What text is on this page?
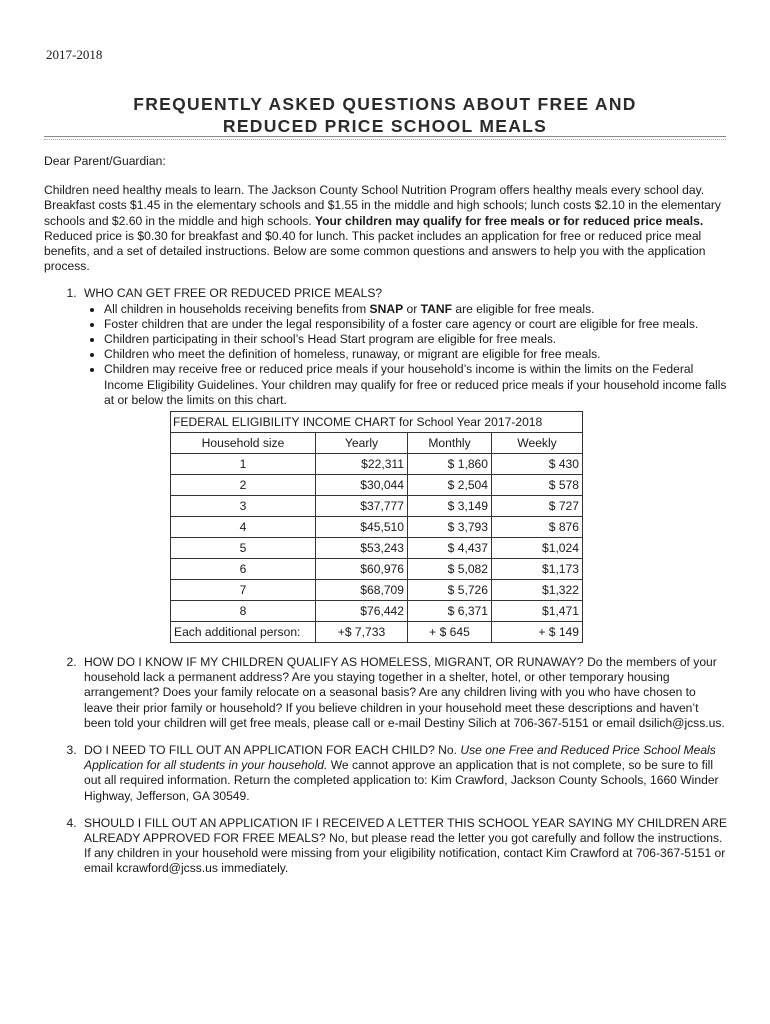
2017-2018
FREQUENTLY ASKED QUESTIONS ABOUT FREE AND
REDUCED PRICE SCHOOL MEALS

Dear Parent/Guardian:

Children need healthy meals to learn. The Jackson County School Nutrition Program offers healthy meals every school day. Breakfast costs $1.45 in the elementary schools and $1.55 in the middle and high schools; lunch costs $2.10 in the elementary schools and $2.60 in the middle and high schools. Your children may qualify for free meals or for reduced price meals. Reduced price is $0.30 for breakfast and $0.40 for lunch. This packet includes an application for free or reduced price meal benefits, and a set of detailed instructions. Below are some common questions and answers to help you with the application process.

1. WHO CAN GET FREE OR REDUCED PRICE MEALS?
• All children in households receiving benefits from SNAP or TANF are eligible for free meals.
• Foster children that are under the legal responsibility of a foster care agency or court are eligible for free meals.
• Children participating in their school’s Head Start program are eligible for free meals.
• Children who meet the definition of homeless, runaway, or migrant are eligible for free meals.
• Children may receive free or reduced price meals if your household’s income is within the limits on the Federal Income Eligibility Guidelines. Your children may qualify for free or reduced price meals if your household income falls at or below the limits on this chart.
FEDERAL ELIGIBILITY INCOME CHART for School Year 2017-2018			
Household size	Yearly	Monthly	Weekly
1	$22,311	$ 1,860	$ 430
2	$30,044	$ 2,504	$ 578
3	$37,777	$ 3,149	$ 727
4	$45,510	$ 3,793	$ 876
5	$53,243	$ 4,437	$1,024
6	$60,976	$ 5,082	$1,173
7	$68,709	$ 5,726	$1,322
8	$76,442	$ 6,371	$1,471
Each additional person:	+$ 7,733	+ $ 645	+ $ 149
2. HOW DO I KNOW IF MY CHILDREN QUALIFY AS HOMELESS, MIGRANT, OR RUNAWAY? Do the members of your household lack a permanent address? Are you staying together in a shelter, hotel, or other temporary housing arrangement? Does your family relocate on a seasonal basis? Are any children living with you who have chosen to leave their prior family or household? If you believe children in your household meet these descriptions and haven’t been told your children will get free meals, please call or e-mail Destiny Silich at 706-367-5151 or email dsilich@jcss.us.
3. DO I NEED TO FILL OUT AN APPLICATION FOR EACH CHILD? No. Use one Free and Reduced Price School Meals Application for all students in your household. We cannot approve an application that is not complete, so be sure to fill out all required information. Return the completed application to: Kim Crawford, Jackson County Schools, 1660 Winder Highway, Jefferson, GA 30549.
4. SHOULD I FILL OUT AN APPLICATION IF I RECEIVED A LETTER THIS SCHOOL YEAR SAYING MY CHILDREN ARE ALREADY APPROVED FOR FREE MEALS? No, but please read the letter you got carefully and follow the instructions. If any children in your household were missing from your eligibility notification, contact Kim Crawford at 706-367-5151 or email kcrawford@jcss.us immediately.
